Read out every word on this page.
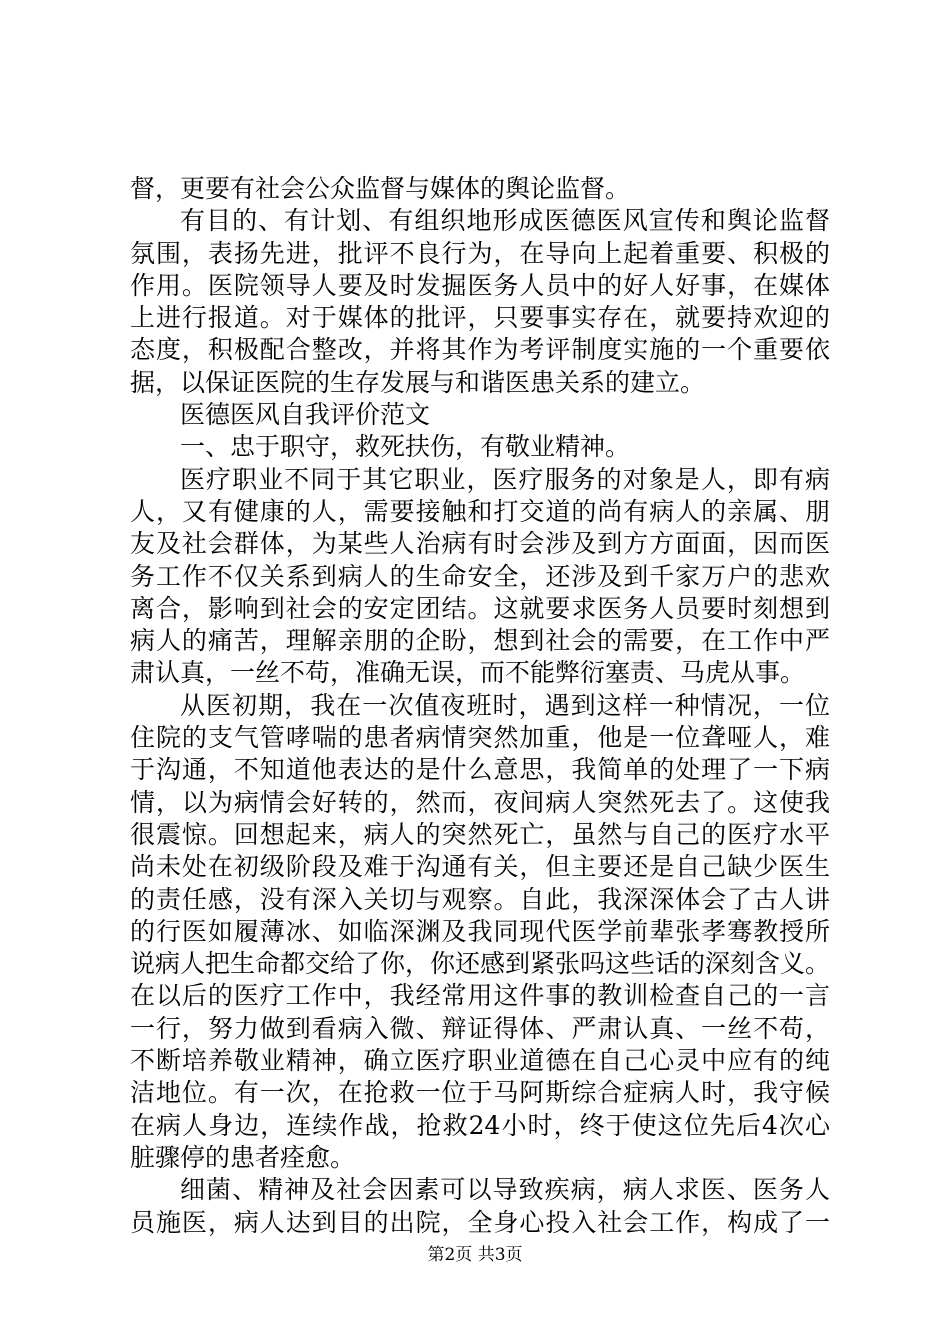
督，更要有社会公众监督与媒体的舆论监督。
有目的、有计划、有组织地形成医德医风宣传和舆论监督
氛围，表扬先进，批评不良行为，在导向上起着重要、积极的
作用。医院领导人要及时发掘医务人员中的好人好事，在媒体
上进行报道。对于媒体的批评，只要事实存在，就要持欢迎的
态度，积极配合整改，并将其作为考评制度实施的一个重要依
据，以保证医院的生存发展与和谐医患关系的建立。
医德医风自我评价范文
一、忠于职守，救死扶伤，有敬业精神。
医疗职业不同于其它职业，医疗服务的对象是人，即有病
人，又有健康的人，需要接触和打交道的尚有病人的亲属、朋
友及社会群体，为某些人治病有时会涉及到方方面面，因而医
务工作不仅关系到病人的生命安全，还涉及到千家万户的悲欢
离合，影响到社会的安定团结。这就要求医务人员要时刻想到
病人的痛苦，理解亲朋的企盼，想到社会的需要，在工作中严
肃认真，一丝不苟，准确无误，而不能弊衍塞责、马虎从事。
从医初期，我在一次值夜班时，遇到这样一种情况，一位
住院的支气管哮喘的患者病情突然加重，他是一位聋哑人，难
于沟通，不知道他表达的是什么意思，我简单的处理了一下病
情，以为病情会好转的，然而，夜间病人突然死去了。这使我
很震惊。回想起来，病人的突然死亡，虽然与自己的医疗水平
尚未处在初级阶段及难于沟通有关，但主要还是自己缺少医生
的责任感，没有深入关切与观察。自此，我深深体会了古人讲
的行医如履薄冰、如临深渊及我同现代医学前辈张孝骞教授所
说病人把生命都交给了你，你还感到紧张吗这些话的深刻含义。
在以后的医疗工作中，我经常用这件事的教训检查自己的一言
一行，努力做到看病入微、辩证得体、严肃认真、一丝不苟，
不断培养敬业精神，确立医疗职业道德在自己心灵中应有的纯
洁地位。有一次，在抢救一位于马阿斯综合症病人时，我守候
在病人身边，连续作战，抢救24小时，终于使这位先后4次心
脏骤停的患者痊愈。
细菌、精神及社会因素可以导致疾病，病人求医、医务人
员施医，病人达到目的出院，全身心投入社会工作，构成了一
第2页 共3页
